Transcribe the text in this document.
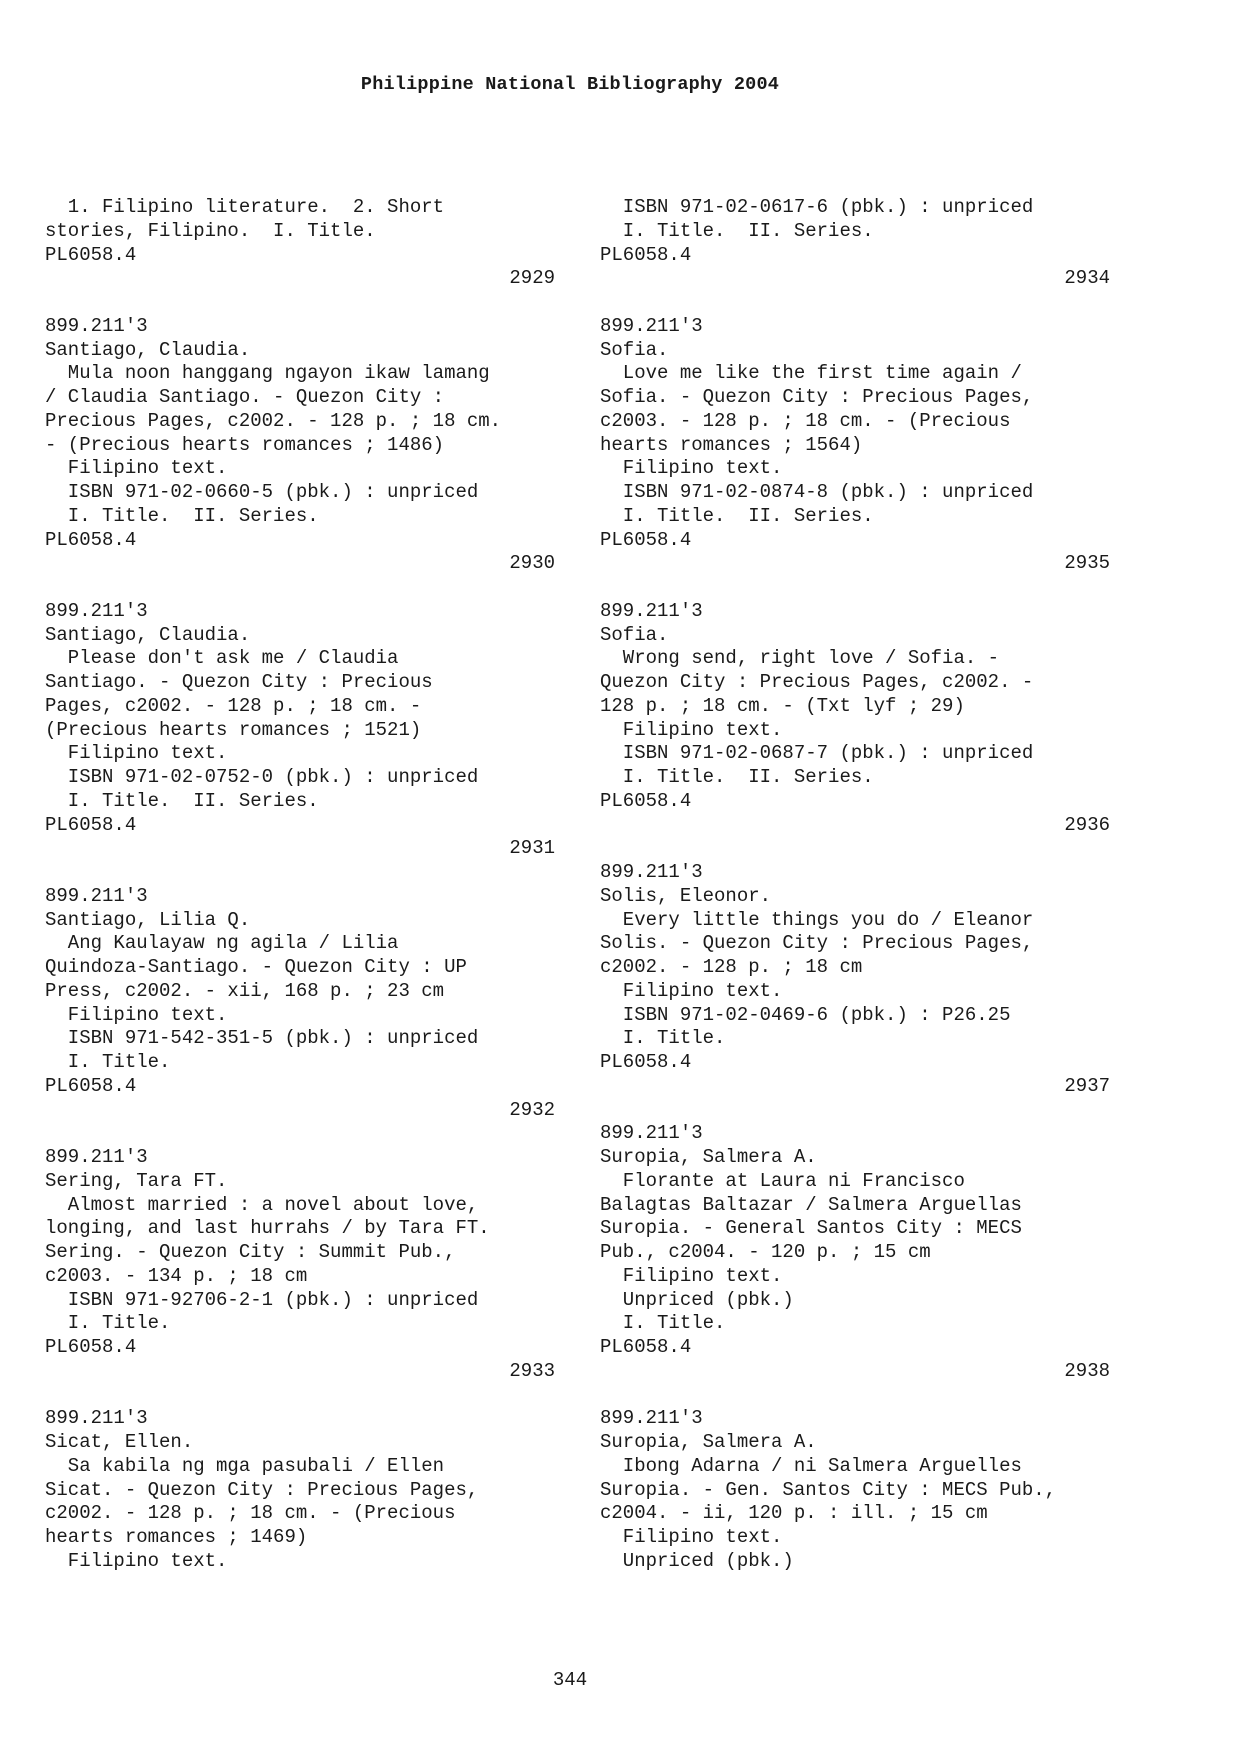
Philippine National Bibliography 2004
1. Filipino literature.  2. Short
stories, Filipino.  I. Title.
PL6058.4
2929
899.211'3
Santiago, Claudia.
Mula noon hanggang ngayon ikaw lamang
/ Claudia Santiago. - Quezon City :
Precious Pages, c2002. - 128 p. ; 18 cm.
- (Precious hearts romances ; 1486)
Filipino text.
ISBN 971-02-0660-5 (pbk.) : unpriced
I. Title.  II. Series.
PL6058.4
2930
899.211'3
Santiago, Claudia.
Please don't ask me / Claudia
Santiago. - Quezon City : Precious
Pages, c2002. - 128 p. ; 18 cm. -
(Precious hearts romances ; 1521)
Filipino text.
ISBN 971-02-0752-0 (pbk.) : unpriced
I. Title.  II. Series.
PL6058.4
2931
899.211'3
Santiago, Lilia Q.
Ang Kaulayaw ng agila / Lilia
Quindoza-Santiago. - Quezon City : UP
Press, c2002. - xii, 168 p. ; 23 cm
Filipino text.
ISBN 971-542-351-5 (pbk.) : unpriced
I. Title.
PL6058.4
2932
899.211'3
Sering, Tara FT.
Almost married : a novel about love,
longing, and last hurrahs / by Tara FT.
Sering. - Quezon City : Summit Pub.,
c2003. - 134 p. ; 18 cm
ISBN 971-92706-2-1 (pbk.) : unpriced
I. Title.
PL6058.4
2933
899.211'3
Sicat, Ellen.
Sa kabila ng mga pasubali / Ellen
Sicat. - Quezon City : Precious Pages,
c2002. - 128 p. ; 18 cm. - (Precious
hearts romances ; 1469)
Filipino text.
ISBN 971-02-0617-6 (pbk.) : unpriced
I. Title.  II. Series.
PL6058.4
2934
899.211'3
Sofia.
Love me like the first time again /
Sofia. - Quezon City : Precious Pages,
c2003. - 128 p. ; 18 cm. - (Precious
hearts romances ; 1564)
Filipino text.
ISBN 971-02-0874-8 (pbk.) : unpriced
I. Title.  II. Series.
PL6058.4
2935
899.211'3
Sofia.
Wrong send, right love / Sofia. -
Quezon City : Precious Pages, c2002. -
128 p. ; 18 cm. - (Txt lyf ; 29)
Filipino text.
ISBN 971-02-0687-7 (pbk.) : unpriced
I. Title.  II. Series.
PL6058.4
2936
899.211'3
Solis, Eleonor.
Every little things you do / Eleanor
Solis. - Quezon City : Precious Pages,
c2002. - 128 p. ; 18 cm
Filipino text.
ISBN 971-02-0469-6 (pbk.) : P26.25
I. Title.
PL6058.4
2937
899.211'3
Suropia, Salmera A.
Florante at Laura ni Francisco
Balagtas Baltazar / Salmera Arguellas
Suropia. - General Santos City : MECS
Pub., c2004. - 120 p. ; 15 cm
Filipino text.
Unpriced (pbk.)
I. Title.
PL6058.4
2938
899.211'3
Suropia, Salmera A.
Ibong Adarna / ni Salmera Arguelles
Suropia. - Gen. Santos City : MECS Pub.,
c2004. - ii, 120 p. : ill. ; 15 cm
Filipino text.
Unpriced (pbk.)
344
